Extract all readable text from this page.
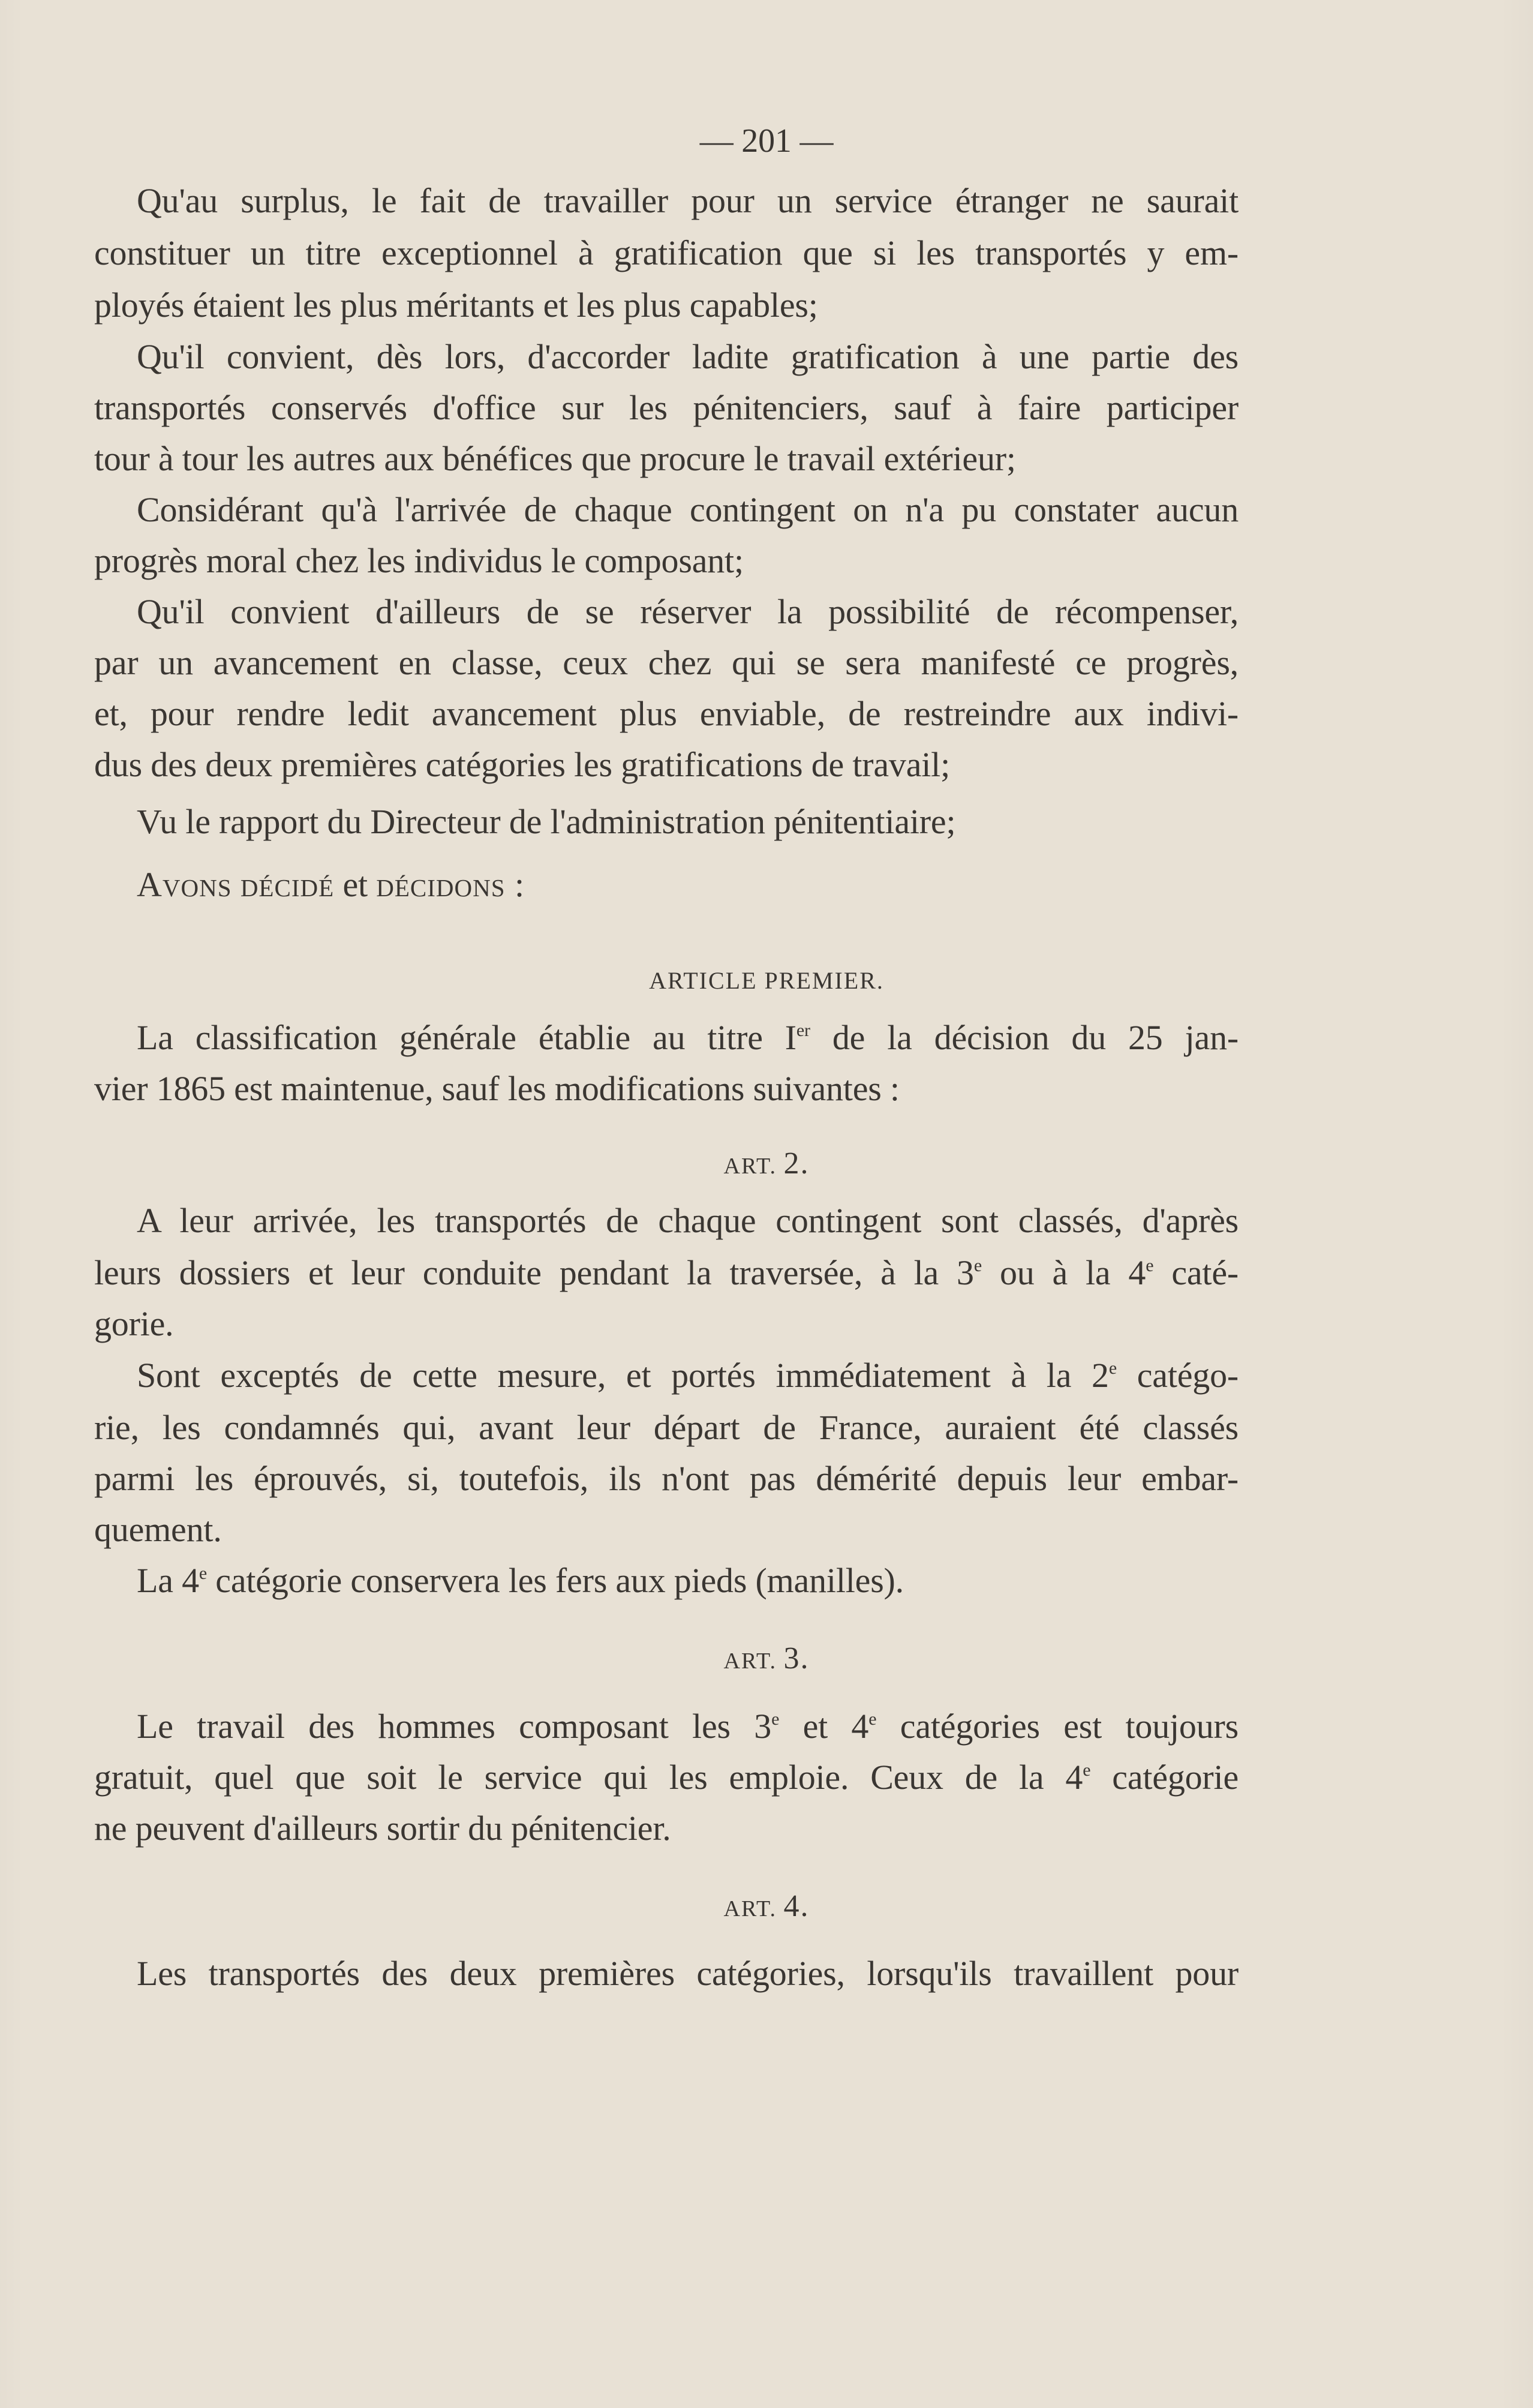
— 201 —
Qu'au surplus, le fait de travailler pour un service étranger ne saurait
constituer un titre exceptionnel à gratification que si les transportés y em-
ployés étaient les plus méritants et les plus capables;
Qu'il convient, dès lors, d'accorder ladite gratification à une partie des
transportés conservés d'office sur les pénitenciers, sauf à faire participer
tour à tour les autres aux bénéfices que procure le travail extérieur;
Considérant qu'à l'arrivée de chaque contingent on n'a pu constater aucun
progrès moral chez les individus le composant;
Qu'il convient d'ailleurs de se réserver la possibilité de récompenser,
par un avancement en classe, ceux chez qui se sera manifesté ce progrès,
et, pour rendre ledit avancement plus enviable, de restreindre aux indivi-
dus des deux premières catégories les gratifications de travail;
Vu le rapport du Directeur de l'administration pénitentiaire;
Avons décidé et décidons :
ARTICLE PREMIER.
La classification générale établie au titre Ier de la décision du 25 jan-
vier 1865 est maintenue, sauf les modifications suivantes :
ART. 2.
A leur arrivée, les transportés de chaque contingent sont classés, d'après
leurs dossiers et leur conduite pendant la traversée, à la 3e ou à la 4e caté-
gorie.
Sont exceptés de cette mesure, et portés immédiatement à la 2e catégo-
rie, les condamnés qui, avant leur départ de France, auraient été classés
parmi les éprouvés, si, toutefois, ils n'ont pas démérité depuis leur embar-
quement.
La 4e catégorie conservera les fers aux pieds (manilles).
ART. 3.
Le travail des hommes composant les 3e et 4e catégories est toujours
gratuit, quel que soit le service qui les emploie. Ceux de la 4e catégorie
ne peuvent d'ailleurs sortir du pénitencier.
ART. 4.
Les transportés des deux premières catégories, lorsqu'ils travaillent pour
